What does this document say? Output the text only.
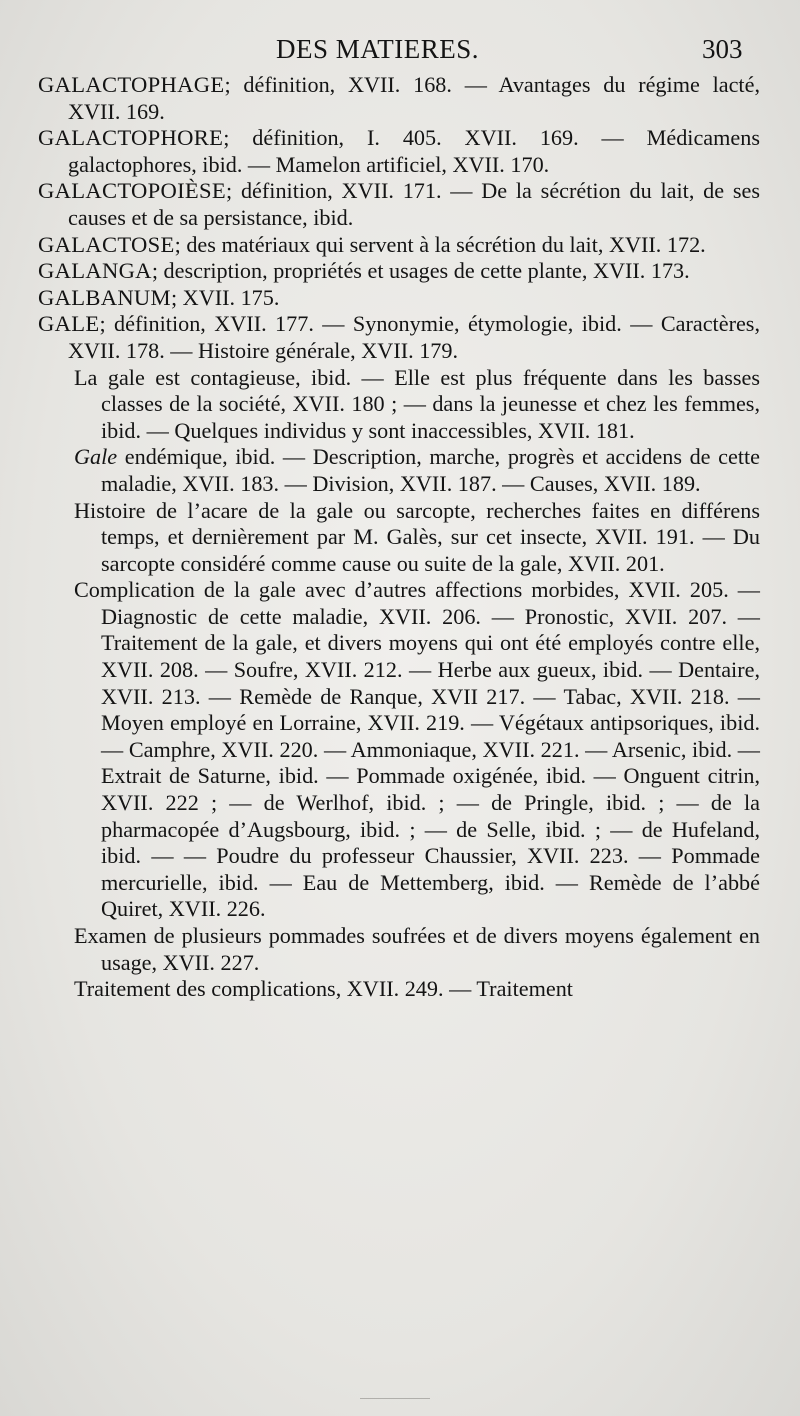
DES MATIERES.	303

GALACTOPHAGE; définition, XVII. 168. — Avantages du régime lacté, XVII. 169.

GALACTOPHORE; définition, I. 405. XVII. 169. — Médicamens galactophores, ibid. — Mamelon artificiel, XVII. 170.

GALACTOPOIÈSE; définition, XVII. 171. — De la sécrétion du lait, de ses causes et de sa persistance, ibid.

GALACTOSE; des matériaux qui servent à la sécrétion du lait, XVII. 172.

GALANGA; description, propriétés et usages de cette plante, XVII. 173.

GALBANUM; XVII. 175.

GALE; définition, XVII. 177. — Synonymie, étymologie, ibid. — Caractères, XVII. 178. — Histoire générale, XVII. 179.

La gale est contagieuse, ibid. — Elle est plus fréquente dans les basses classes de la société, XVII. 180 ; — dans la jeunesse et chez les femmes, ibid. — Quelques individus y sont inaccessibles, XVII. 181.

Gale endémique, ibid. — Description, marche, progrès et accidens de cette maladie, XVII. 183. — Division, XVII. 187. — Causes, XVII. 189.

Histoire de l’acare de la gale ou sarcopte, recherches faites en différens temps, et dernièrement par M. Galès, sur cet insecte, XVII. 191. — Du sarcopte considéré comme cause ou suite de la gale, XVII. 201.

Complication de la gale avec d’autres affections morbides, XVII. 205. — Diagnostic de cette maladie, XVII. 206. — Pronostic, XVII. 207. — Traitement de la gale, et divers moyens qui ont été employés contre elle, XVII. 208. — Soufre, XVII. 212. — Herbe aux gueux, ibid. — Dentaire, XVII. 213. — Remède de Ranque, XVII 217. — Tabac, XVII. 218. — Moyen employé en Lorraine, XVII. 219. — Végétaux antipsoriques, ibid. — Camphre, XVII. 220. — Ammoniaque, XVII. 221. — Arsenic, ibid. — Extrait de Saturne, ibid. — Pommade oxigénée, ibid. — Onguent citrin, XVII. 222 ; — de Werlhof, ibid. ; — de Pringle, ibid. ; — de la pharmacopée d’Augsbourg, ibid. ; — de Selle, ibid. ; — de Hufeland, ibid. — — Poudre du professeur Chaussier, XVII. 223. — Pommade mercurielle, ibid. — Eau de Mettemberg, ibid. — Remède de l’abbé Quiret, XVII. 226.

Examen de plusieurs pommades soufrées et de divers moyens également en usage, XVII. 227.

Traitement des complications, XVII. 249. — Traitement
